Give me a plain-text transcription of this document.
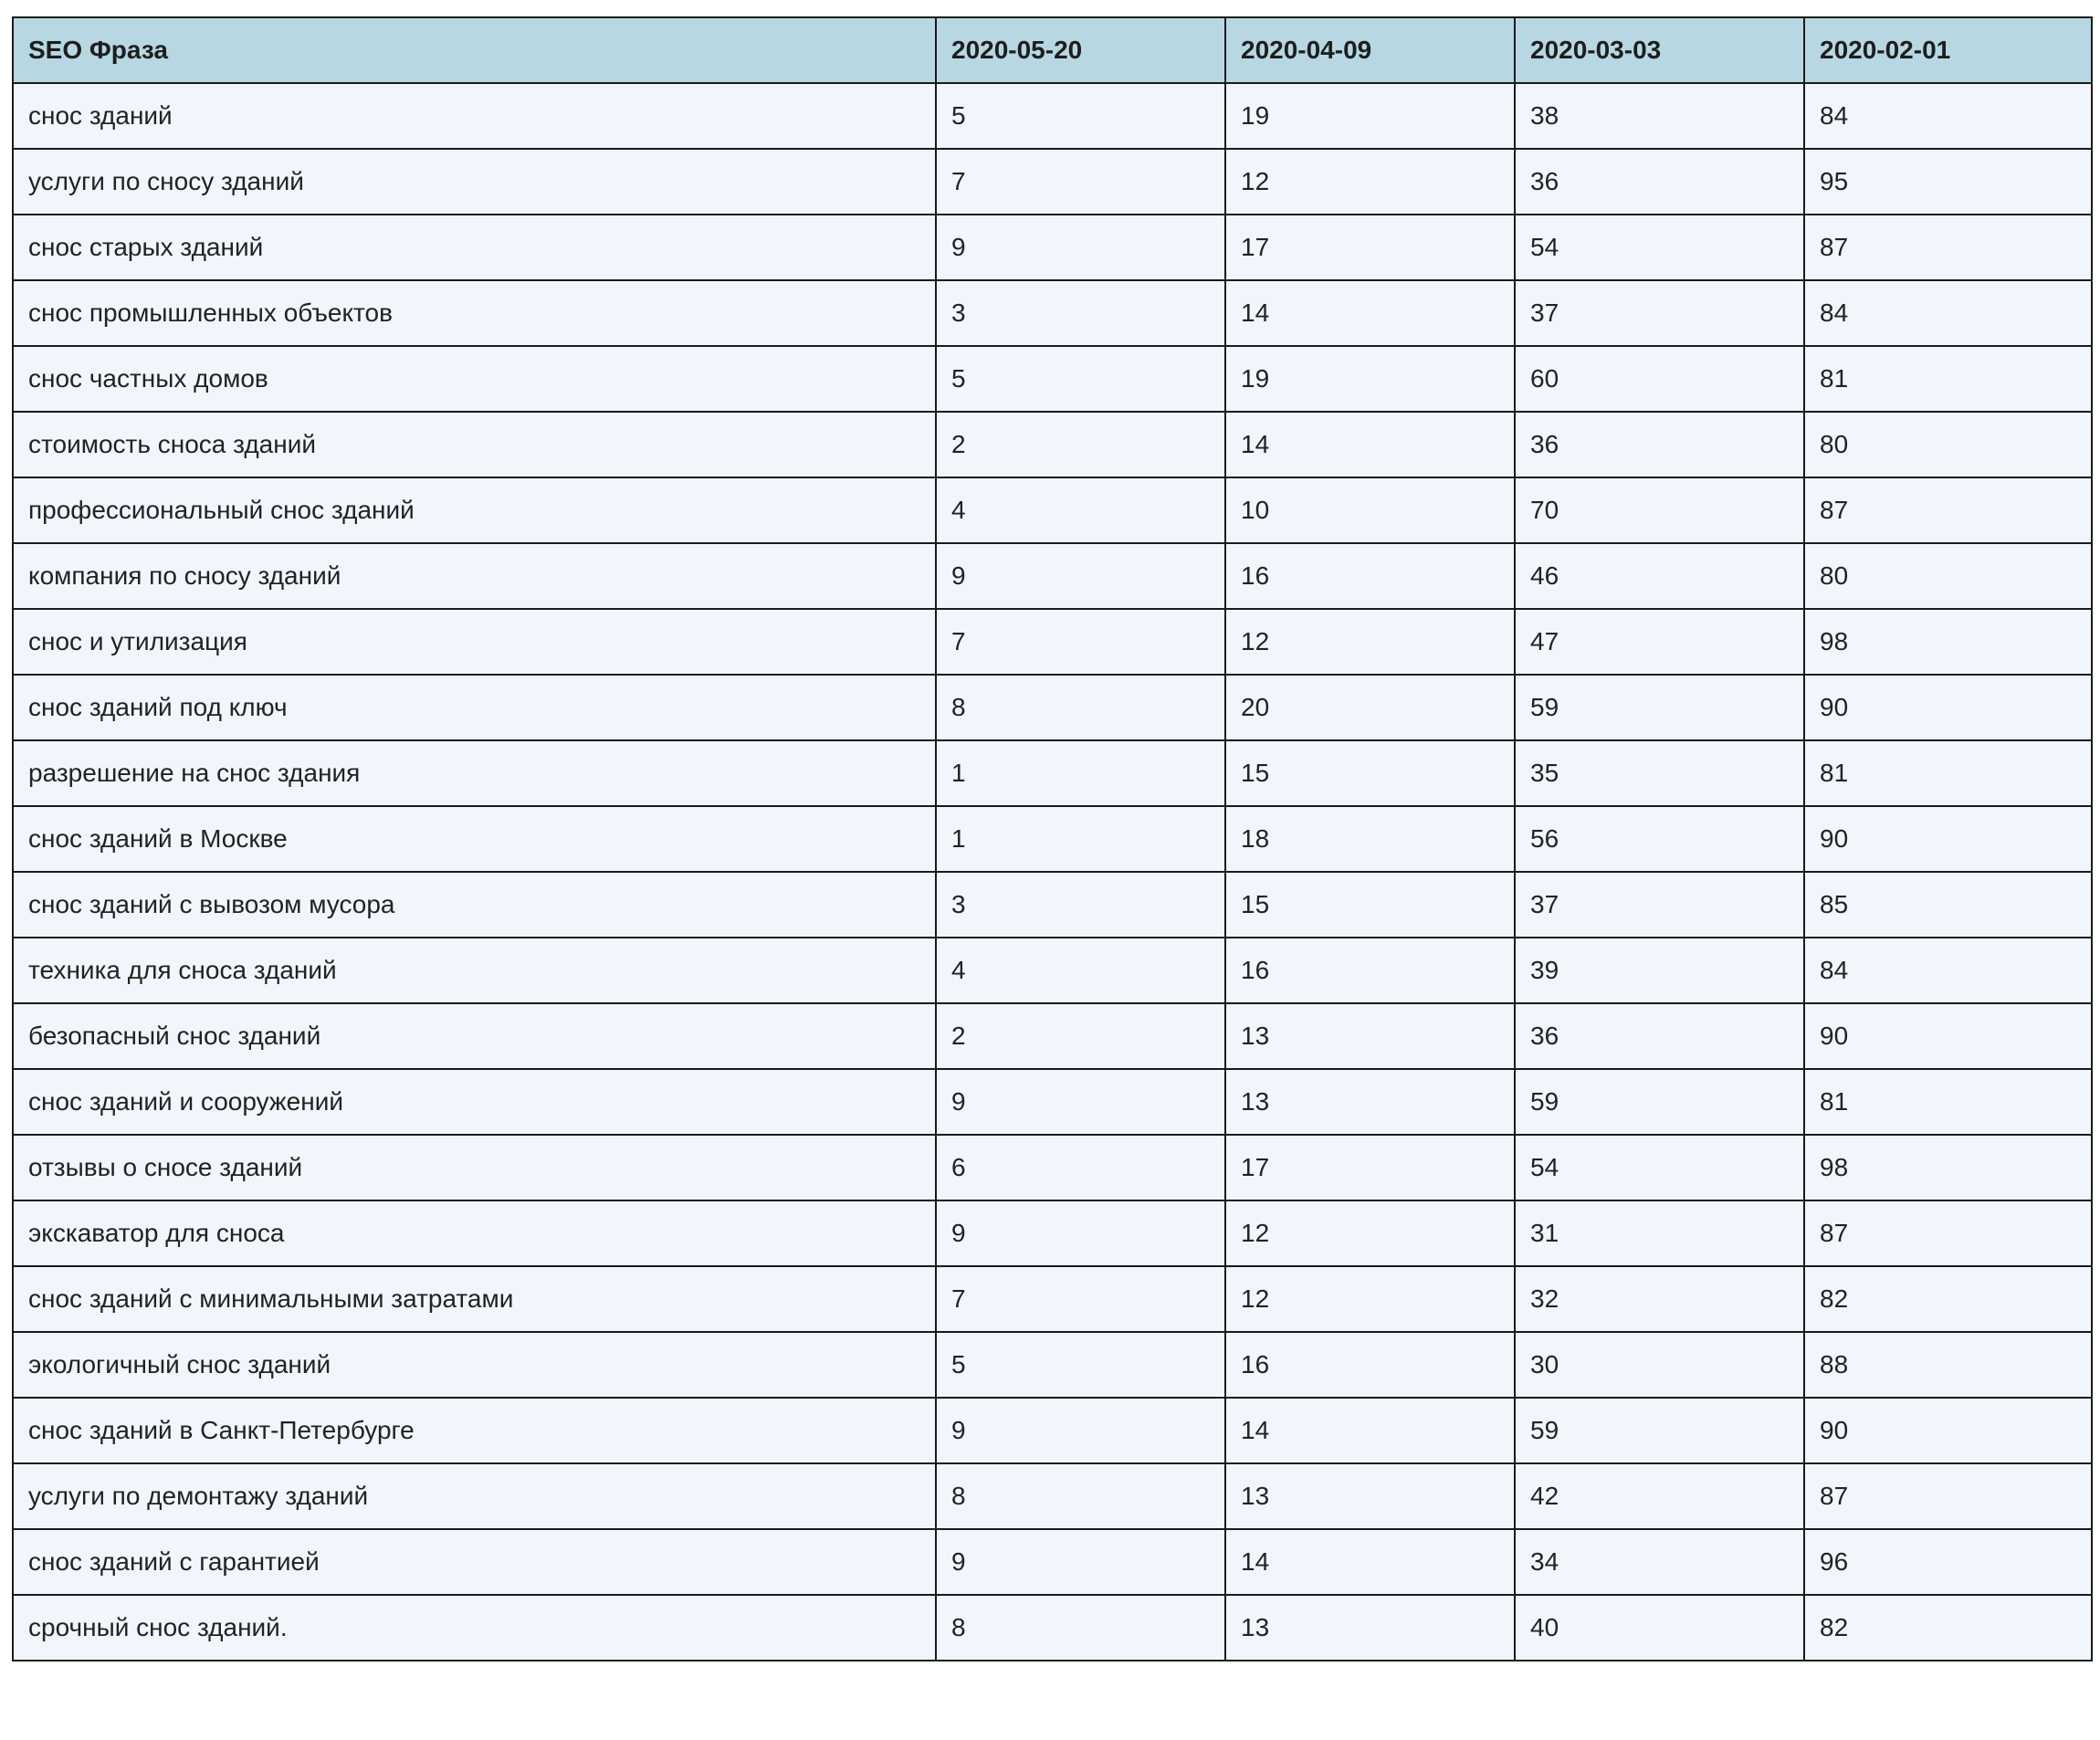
SEO Фраза	2020-05-20	2020-04-09	2020-03-03	2020-02-01
снос зданий	5	19	38	84
услуги по сносу зданий	7	12	36	95
снос старых зданий	9	17	54	87
снос промышленных объектов	3	14	37	84
снос частных домов	5	19	60	81
стоимость сноса зданий	2	14	36	80
профессиональный снос зданий	4	10	70	87
компания по сносу зданий	9	16	46	80
снос и утилизация	7	12	47	98
снос зданий под ключ	8	20	59	90
разрешение на снос здания	1	15	35	81
снос зданий в Москве	1	18	56	90
снос зданий с вывозом мусора	3	15	37	85
техника для сноса зданий	4	16	39	84
безопасный снос зданий	2	13	36	90
снос зданий и сооружений	9	13	59	81
отзывы о сносе зданий	6	17	54	98
экскаватор для сноса	9	12	31	87
снос зданий с минимальными затратами	7	12	32	82
экологичный снос зданий	5	16	30	88
снос зданий в Санкт-Петербурге	9	14	59	90
услуги по демонтажу зданий	8	13	42	87
снос зданий с гарантией	9	14	34	96
срочный снос зданий.	8	13	40	82
